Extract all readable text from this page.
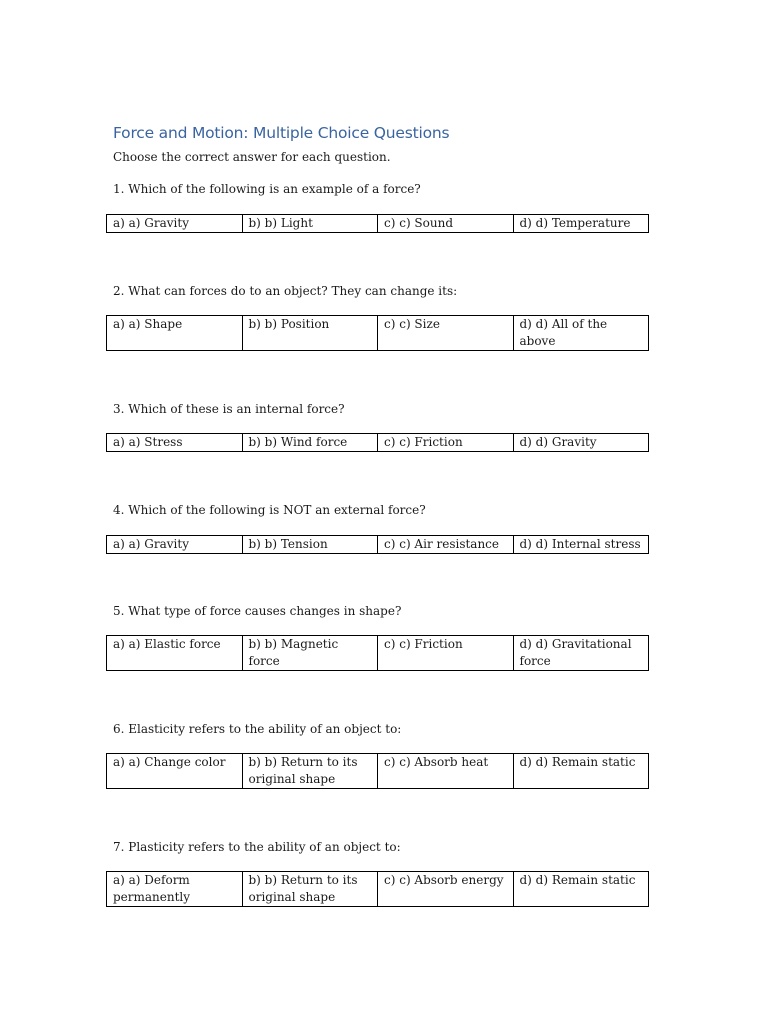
Force and Motion: Multiple Choice Questions
Choose the correct answer for each question.
1. Which of the following is an example of a force?
a) a) Gravity	b) b) Light	c) c) Sound	d) d) Temperature
2. What can forces do to an object? They can change its:
a) a) Shape	b) b) Position	c) c) Size	d) d) All of the above
3. Which of these is an internal force?
a) a) Stress	b) b) Wind force	c) c) Friction	d) d) Gravity
4. Which of the following is NOT an external force?
a) a) Gravity	b) b) Tension	c) c) Air resistance	d) d) Internal stress
5. What type of force causes changes in shape?
a) a) Elastic force	b) b) Magnetic force	c) c) Friction	d) d) Gravitational force
6. Elasticity refers to the ability of an object to:
a) a) Change color	b) b) Return to its original shape	c) c) Absorb heat	d) d) Remain static
7. Plasticity refers to the ability of an object to:
a) a) Deform permanently	b) b) Return to its original shape	c) c) Absorb energy	d) d) Remain static
